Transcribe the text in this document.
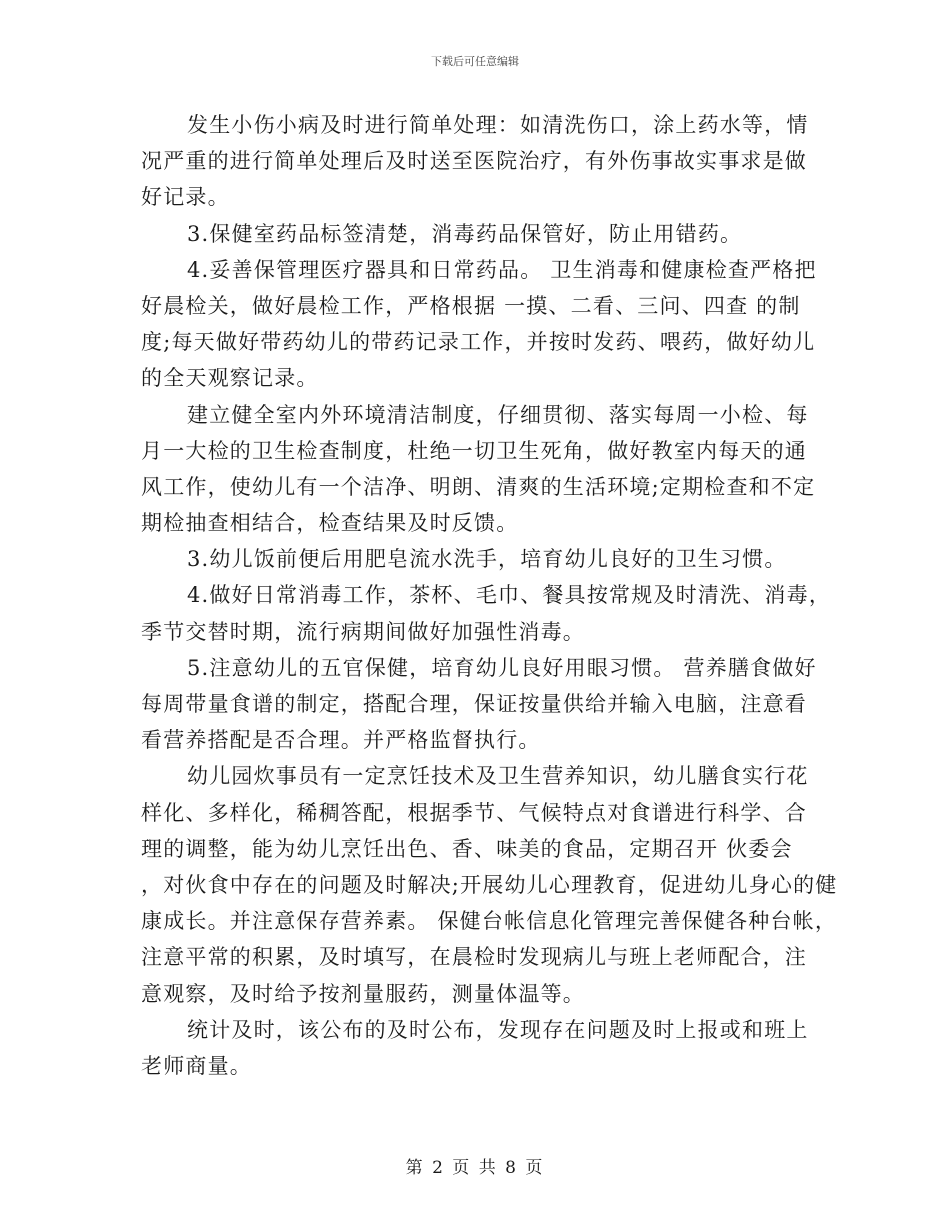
下载后可任意编辑
发生小伤小病及时进行简单处理：如清洗伤口，涂上药水等，情
况严重的进行简单处理后及时送至医院治疗，有外伤事故实事求是做
好记录。
3.保健室药品标签清楚，消毒药品保管好，防止用错药。
4.妥善保管理医疗器具和日常药品。 卫生消毒和健康检查严格把
好晨检关，做好晨检工作，严格根据 一摸、二看、三问、四查 的制
度;每天做好带药幼儿的带药记录工作，并按时发药、喂药，做好幼儿
的全天观察记录。
建立健全室内外环境清洁制度，仔细贯彻、落实每周一小检、每
月一大检的卫生检查制度，杜绝一切卫生死角，做好教室内每天的通
风工作，使幼儿有一个洁净、明朗、清爽的生活环境;定期检查和不定
期检抽查相结合，检查结果及时反馈。
3.幼儿饭前便后用肥皂流水洗手，培育幼儿良好的卫生习惯。
4.做好日常消毒工作，茶杯、毛巾、餐具按常规及时清洗、消毒，
季节交替时期，流行病期间做好加强性消毒。
5.注意幼儿的五官保健，培育幼儿良好用眼习惯。 营养膳食做好
每周带量食谱的制定，搭配合理，保证按量供给并输入电脑，注意看
看营养搭配是否合理。并严格监督执行。
幼儿园炊事员有一定烹饪技术及卫生营养知识，幼儿膳食实行花
样化、多样化，稀稠答配，根据季节、气候特点对食谱进行科学、合
理的调整，能为幼儿烹饪出色、香、味美的食品，定期召开 伙委会
，对伙食中存在的问题及时解决;开展幼儿心理教育，促进幼儿身心的健
康成长。并注意保存营养素。 保健台帐信息化管理完善保健各种台帐，
注意平常的积累，及时填写，在晨检时发现病儿与班上老师配合，注
意观察，及时给予按剂量服药，测量体温等。
统计及时，该公布的及时公布，发现存在问题及时上报或和班上
老师商量。
第 2 页 共 8 页
